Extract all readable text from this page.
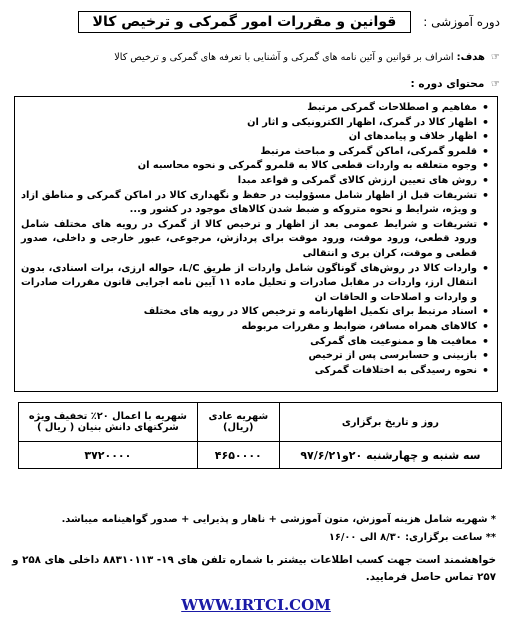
دوره آموزشی :
قوانین و مقررات امور گمرکی و ترخیص کالا
☞ هدف: اشراف بر قوانین و آئین نامه های گمرکی و آشنایی با تعرفه های گمرکی و ترخیص کالا
☞ محتوای دوره :
• مفاهیم و اصطلاحات گمرکی مرتبط
• اظهار کالا در گمرک، اظهار الکترونیکی و اثار ان
• اظهار خلاف و پیامدهای ان
• قلمرو گمرکی، اماکن گمرکی و مباحث مرتبط
• وجوه متعلقه به واردات قطعی کالا به قلمرو گمرکی و نحوه محاسبه ان
• روش های تعیین ارزش کالای گمرکی و قواعد مبدا
• تشریفات قبل از اظهار شامل مسؤولیت در حفظ و نگهداری کالا در اماکن گمرکی و مناطق ازاد و ویژه، شرایط و نحوه متروکه و ضبط شدن کالاهای موجود در کشور و...
• تشریفات و شرایط عمومی بعد از اظهار و ترخیص کالا از گمرک در رویه های مختلف شامل ورود قطعی، ورود موقت، ورود موقت برای پردازش، مرجوعی، عبور خارجی و داخلی، صدور قطعی و موقت، کران بری و انتقالی
• واردات کالا در روش‌های گوناگون شامل واردات از طریق L/C، حواله ارزی، برات اسنادی، بدون انتقال ارز، واردات در مقابل صادرات و تحلیل ماده ۱۱ آیین نامه اجرایی قانون مقررات صادرات و واردات و اصلاحات و الحاقات ان
• اسناد مرتبط برای تکمیل اظهارنامه و ترخیص کالا در رویه های مختلف
• کالاهای همراه مسافر، ضوابط و مقررات مربوطه
• معافیت ها و ممنوعیت های گمرکی
• بازبینی و حسابرسی پس از ترخیص
• نحوه رسیدگی به اختلافات گمرکی
روز و تاریخ برگزاری	شهریه عادی (ریال)	شهریه با اعمال ۲۰٪ تخفیف ویژه شرکتهای دانش بنیان ( ریال )
سه شنبه و چهارشنبه ۲۰و۹۷/۶/۲۱	۴۶۵۰۰۰۰	۳۷۲۰۰۰۰
* شهریه شامل هزینه آموزش، متون آموزشی + ناهار و پذیرایی + صدور گواهینامه میباشد.
** ساعت برگزاری: ۸/۳۰ الی ۱۶/۰۰
خواهشمند است جهت کسب اطلاعات بیشتر با شماره تلفن های ۱۹- ۸۸۳۱۰۱۱۳ داخلی های ۲۵۸ و ۲۵۷ تماس حاصل فرمایید.
WWW.IRTCI.COM
